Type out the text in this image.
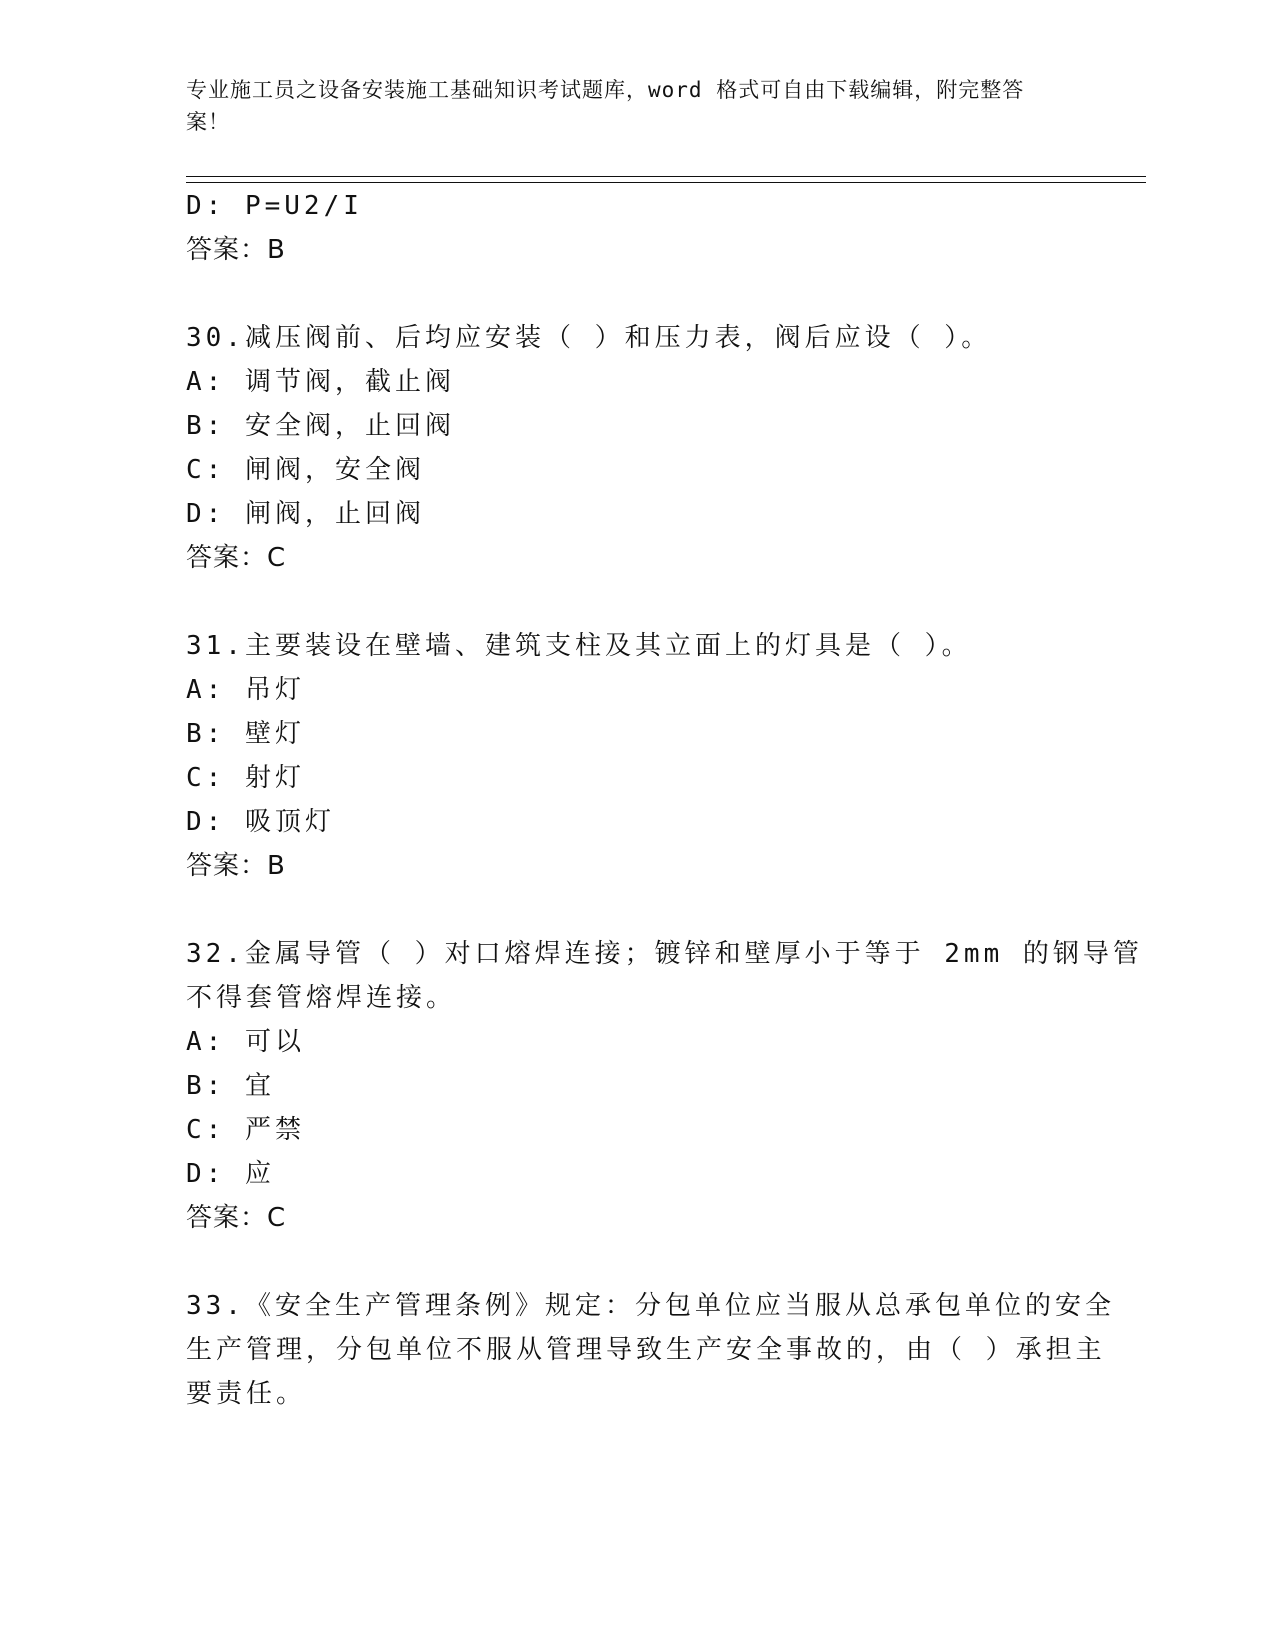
专业施工员之设备安装施工基础知识考试题库，word 格式可自由下载编辑，附完整答案！
D: P=U2/I
答案：B
30.减压阀前、后均应安装（ ）和压力表，阀后应设（ ）。
A: 调节阀，截止阀
B: 安全阀，止回阀
C: 闸阀，安全阀
D: 闸阀，止回阀
答案：C
31.主要装设在壁墙、建筑支柱及其立面上的灯具是（ ）。
A: 吊灯
B: 壁灯
C: 射灯
D: 吸顶灯
答案：B
32.金属导管（ ）对口熔焊连接；镀锌和壁厚小于等于 2mm 的钢导管
不得套管熔焊连接。
A: 可以
B: 宜
C: 严禁
D: 应
答案：C
33.《安全生产管理条例》规定：分包单位应当服从总承包单位的安全
生产管理，分包单位不服从管理导致生产安全事故的，由（ ）承担主
要责任。
